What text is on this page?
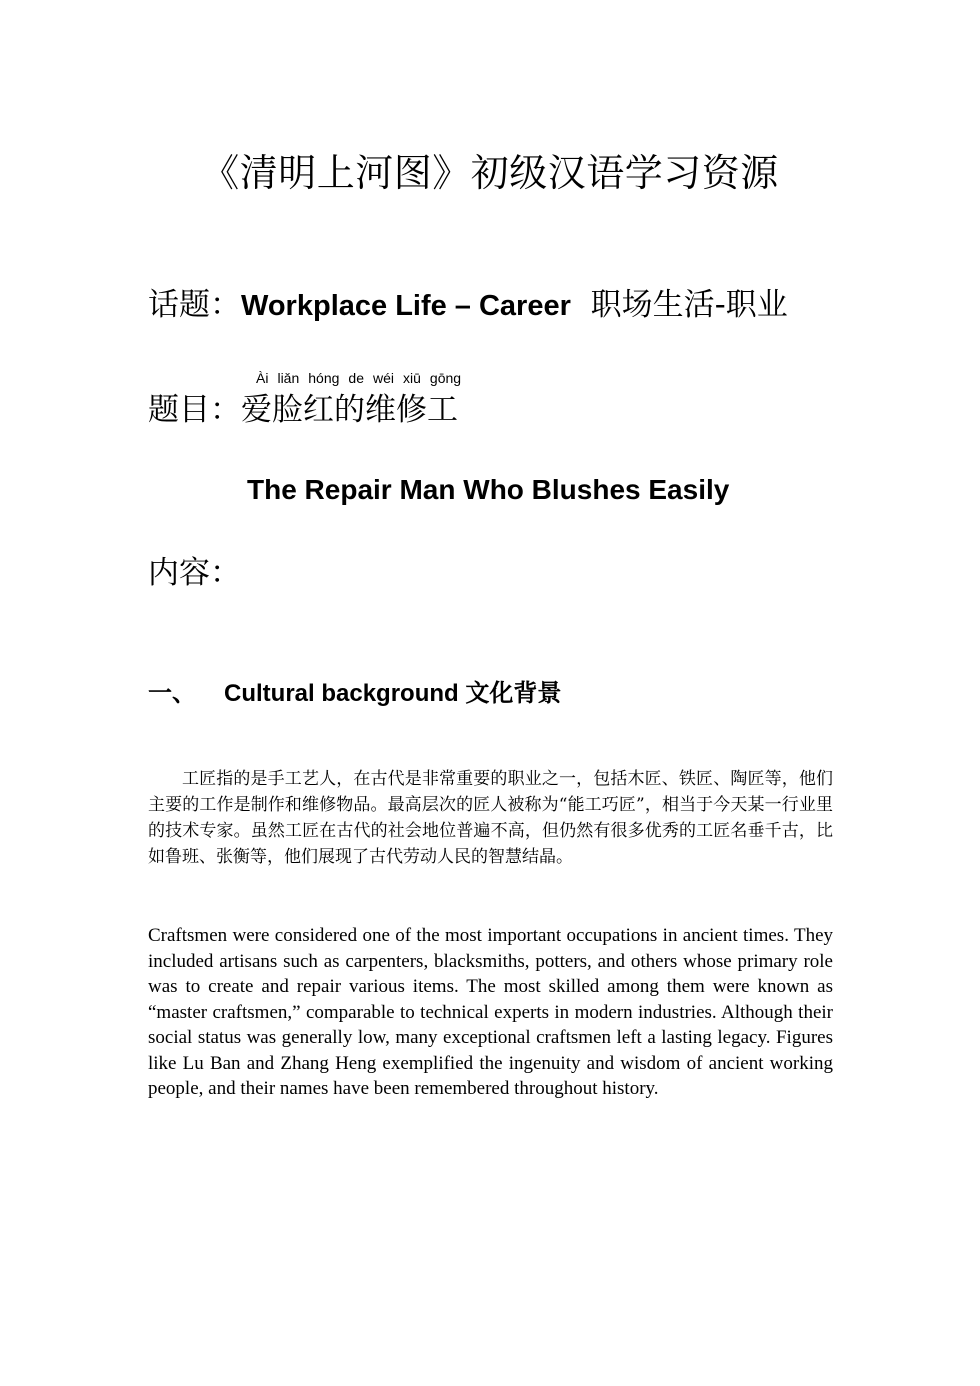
《清明上河图》初级汉语学习资源
话题：Workplace Life – Career 职场生活-职业
Ài liǎn hóng de wéi xiū gōng
题目：爱脸红的维修工
The Repair Man Who Blushes Easily
内容：
一、 Cultural background 文化背景

工匠指的是手工艺人，在古代是非常重要的职业之一，包括木匠、铁匠、陶匠等，他们主要的工作是制作和维修物品。最高层次的匠人被称为“能工巧匠”，相当于今天某一行业里的技术专家。虽然工匠在古代的社会地位普遍不高，但仍然有很多优秀的工匠名垂千古，比如鲁班、张衡等，他们展现了古代劳动人民的智慧结晶。

Craftsmen were considered one of the most important occupations in ancient times. They included artisans such as carpenters, blacksmiths, potters, and others whose primary role was to create and repair various items. The most skilled among them were known as “master craftsmen,” comparable to technical experts in modern industries. Although their social status was generally low, many exceptional craftsmen left a lasting legacy. Figures like Lu Ban and Zhang Heng exemplified the ingenuity and wisdom of ancient working people, and their names have been remembered throughout history.
